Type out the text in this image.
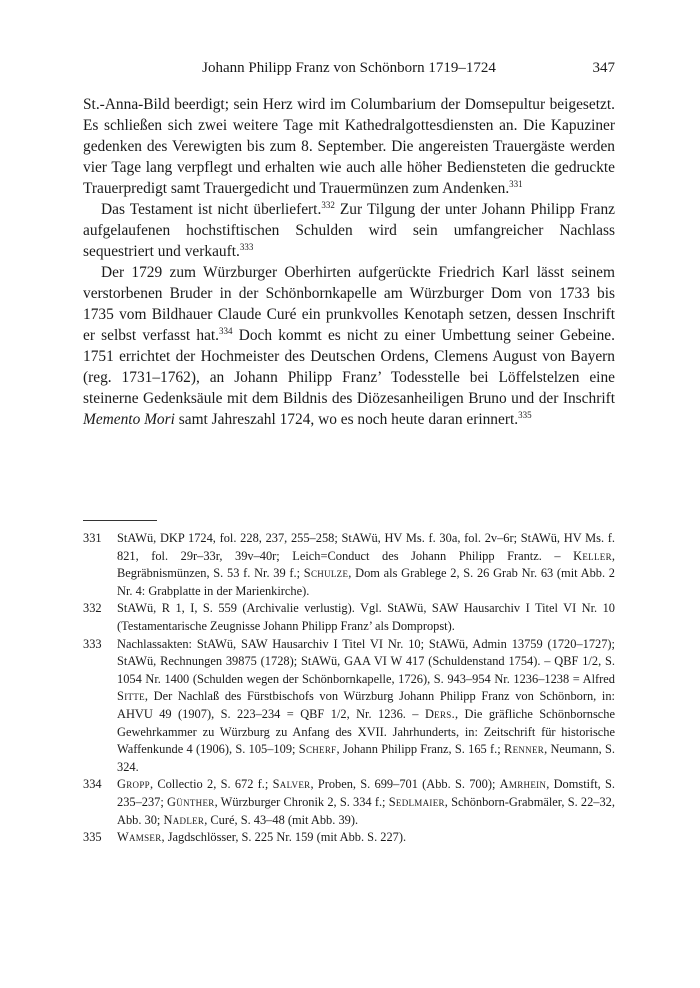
Johann Philipp Franz von Schönborn 1719–1724	347

St.-Anna-Bild beerdigt; sein Herz wird im Columbarium der Domsepultur beigesetzt. Es schließen sich zwei weitere Tage mit Kathedralgottesdiensten an. Die Kapuziner gedenken des Verewigten bis zum 8. September. Die angereisten Trauergäste werden vier Tage lang verpflegt und erhalten wie auch alle höher Bediensteten die gedruckte Trauerpredigt samt Trauergedicht und Trauermünzen zum Andenken.$^{331}$

Das Testament ist nicht überliefert.$^{332}$ Zur Tilgung der unter Johann Philipp Franz aufgelaufenen hochstiftischen Schulden wird sein umfangreicher Nachlass sequestriert und verkauft.$^{333}$

Der 1729 zum Würzburger Oberhirten aufgerückte Friedrich Karl lässt seinem verstorbenen Bruder in der Schönbornkapelle am Würzburger Dom von 1733 bis 1735 vom Bildhauer Claude Curé ein prunkvolles Kenotaph setzen, dessen Inschrift er selbst verfasst hat.$^{334}$ Doch kommt es nicht zu einer Umbettung seiner Gebeine. 1751 errichtet der Hochmeister des Deutschen Ordens, Clemens August von Bayern (reg. 1731–1762), an Johann Philipp Franz’ Todesstelle bei Löffelstelzen eine steinerne Gedenksäule mit dem Bildnis des Diözesanheiligen Bruno und der Inschrift Memento Mori samt Jahreszahl 1724, wo es noch heute daran erinnert.$^{335}$

331 StAWü, DKP 1724, fol. 228, 237, 255–258; StAWü, HV Ms. f. 30a, fol. 2v–6r; StAWü, HV Ms. f. 821, fol. 29r–33r, 39v–40r; Leich=Conduct des Johann Philipp Frantz. – Keller, Begräbnismünzen, S. 53 f. Nr. 39 f.; Schulze, Dom als Grablege 2, S. 26 Grab Nr. 63 (mit Abb. 2 Nr. 4: Grabplatte in der Marienkirche).

332 StAWü, R 1, I, S. 559 (Archivalie verlustig). Vgl. StAWü, SAW Hausarchiv I Titel VI Nr. 10 (Testamentarische Zeugnisse Johann Philipp Franz’ als Dompropst).

333 Nachlassakten: StAWü, SAW Hausarchiv I Titel VI Nr. 10; StAWü, Admin 13759 (1720–1727); StAWü, Rechnungen 39875 (1728); StAWü, GAA VI W 417 (Schuldenstand 1754). – QBF 1/2, S. 1054 Nr. 1400 (Schulden wegen der Schönbornkapelle, 1726), S. 943–954 Nr. 1236–1238 = Alfred Sitte, Der Nachlaß des Fürstbischofs von Würzburg Johann Philipp Franz von Schönborn, in: AHVU 49 (1907), S. 223–234 = QBF 1/2, Nr. 1236. – Ders., Die gräfliche Schönbornsche Gewehrkammer zu Würzburg zu Anfang des XVII. Jahrhunderts, in: Zeitschrift für historische Waffenkunde 4 (1906), S. 105–109; Scherf, Johann Philipp Franz, S. 165 f.; Renner, Neumann, S. 324.

334 Gropp, Collectio 2, S. 672 f.; Salver, Proben, S. 699–701 (Abb. S. 700); Amrhein, Domstift, S. 235–237; Günther, Würzburger Chronik 2, S. 334 f.; Sedlmaier, Schönborn-Grabmäler, S. 22–32, Abb. 30; Nadler, Curé, S. 43–48 (mit Abb. 39).

335 Wamser, Jagdschlösser, S. 225 Nr. 159 (mit Abb. S. 227).
